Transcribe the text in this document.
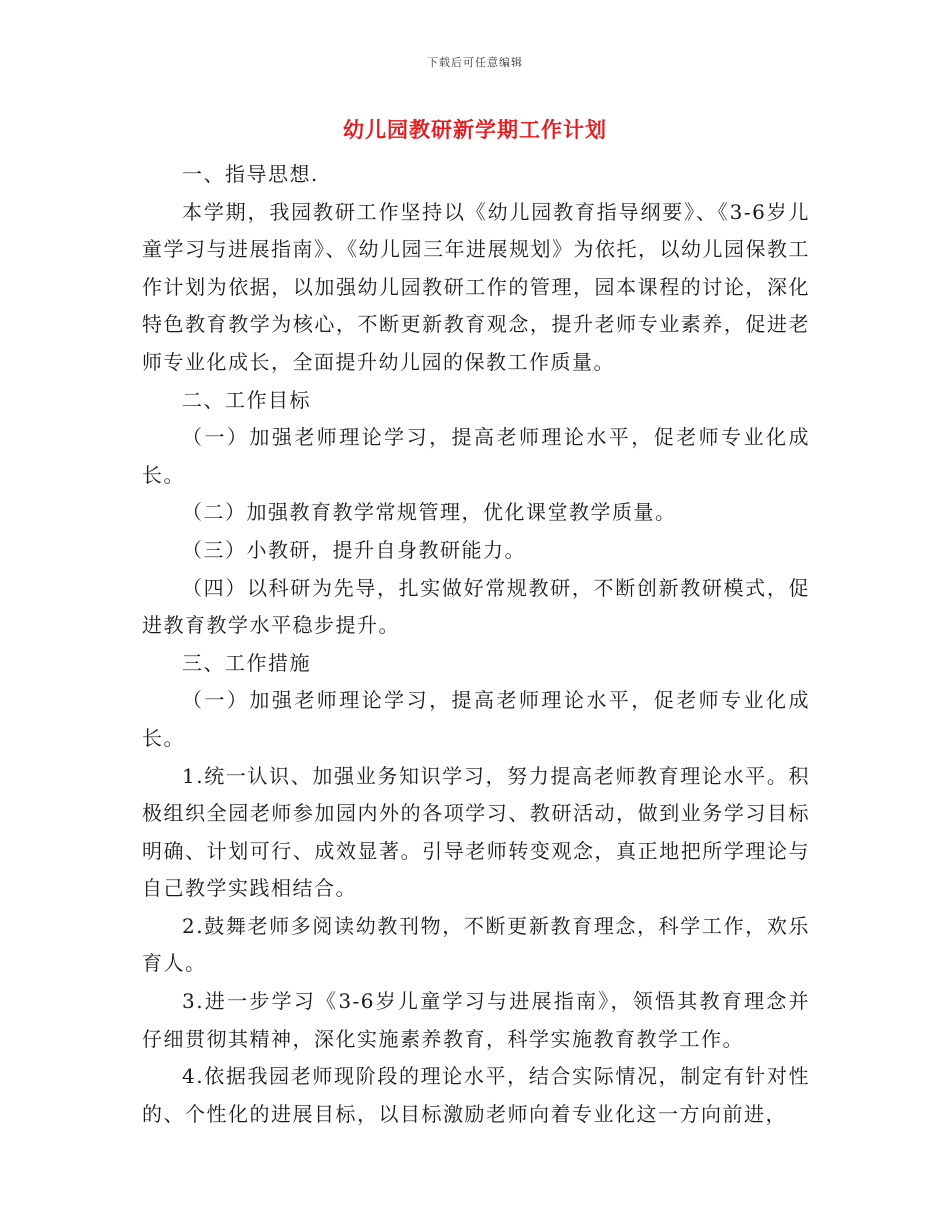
下载后可任意编辑
幼儿园教研新学期工作计划

一、指导思想.

本学期，我园教研工作坚持以《幼儿园教育指导纲要》、《3-6岁儿童学习与进展指南》、《幼儿园三年进展规划》为依托，以幼儿园保教工作计划为依据，以加强幼儿园教研工作的管理，园本课程的讨论，深化特色教育教学为核心，不断更新教育观念，提升老师专业素养，促进老师专业化成长，全面提升幼儿园的保教工作质量。

二、工作目标

（一）加强老师理论学习，提高老师理论水平，促老师专业化成长。

（二）加强教育教学常规管理，优化课堂教学质量。

（三）小教研，提升自身教研能力。

（四）以科研为先导，扎实做好常规教研，不断创新教研模式，促进教育教学水平稳步提升。

三、工作措施

（一）加强老师理论学习，提高老师理论水平，促老师专业化成长。

1.统一认识、加强业务知识学习，努力提高老师教育理论水平。积极组织全园老师参加园内外的各项学习、教研活动，做到业务学习目标明确、计划可行、成效显著。引导老师转变观念，真正地把所学理论与自己教学实践相结合。

2.鼓舞老师多阅读幼教刊物，不断更新教育理念，科学工作，欢乐育人。

3.进一步学习《3-6岁儿童学习与进展指南》，领悟其教育理念并仔细贯彻其精神，深化实施素养教育，科学实施教育教学工作。

4.依据我园老师现阶段的理论水平，结合实际情况，制定有针对性的、个性化的进展目标，以目标激励老师向着专业化这一方向前进，
